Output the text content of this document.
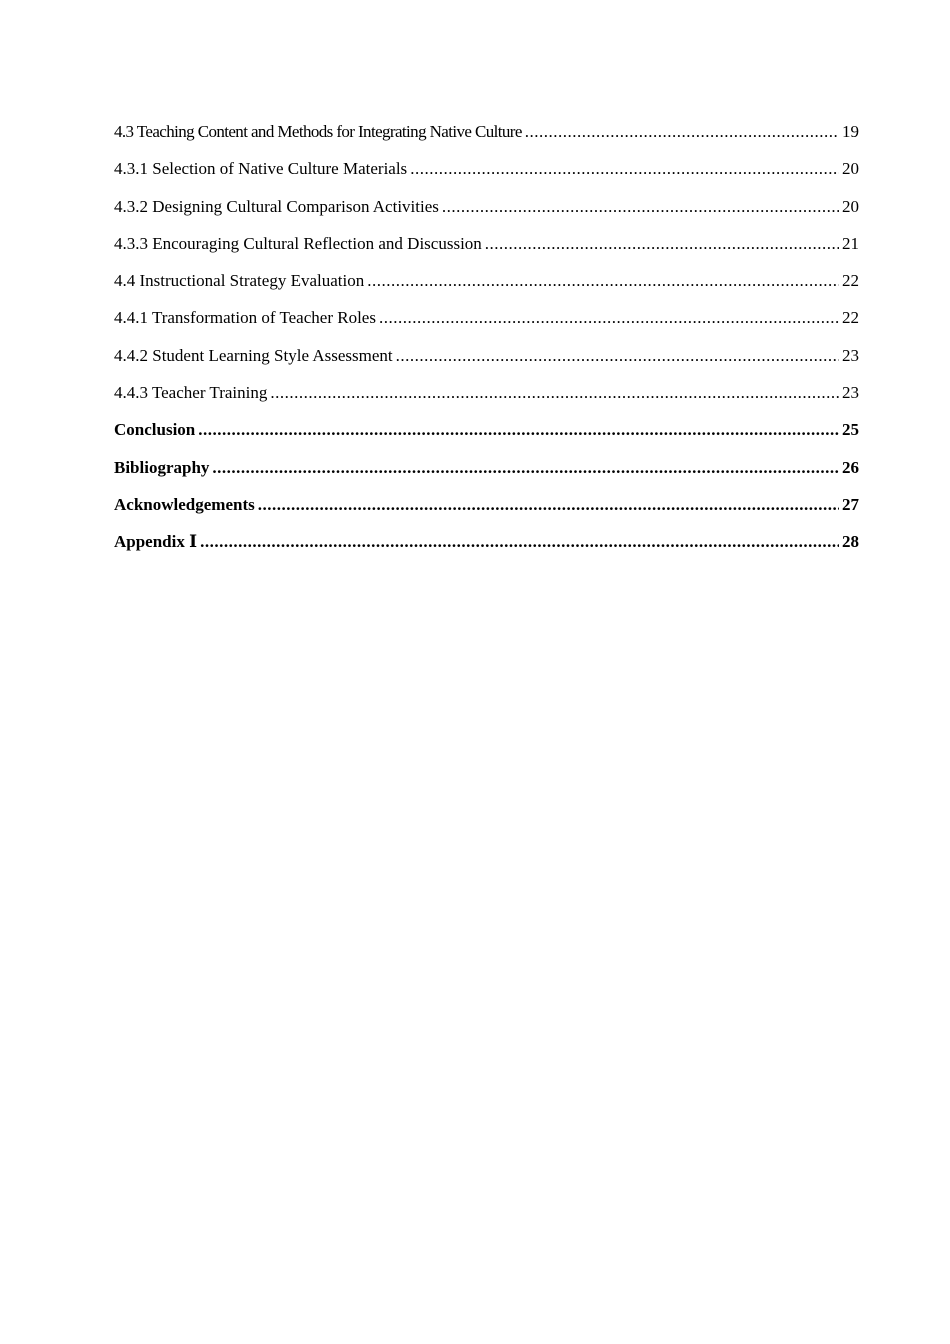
4.3 Teaching Content and Methods for Integrating Native Culture .....	19
4.3.1 Selection of Native Culture Materials .....	20
4.3.2 Designing Cultural Comparison Activities .....	20
4.3.3 Encouraging Cultural Reflection and Discussion .....	21
4.4 Instructional Strategy Evaluation .....	22
4.4.1 Transformation of Teacher Roles .....	22
4.4.2 Student Learning Style Assessment .....	23
4.4.3 Teacher Training .....	23
Conclusion .....	25
Bibliography .....	26
Acknowledgements .....	27
Appendix Ⅰ .....	28
